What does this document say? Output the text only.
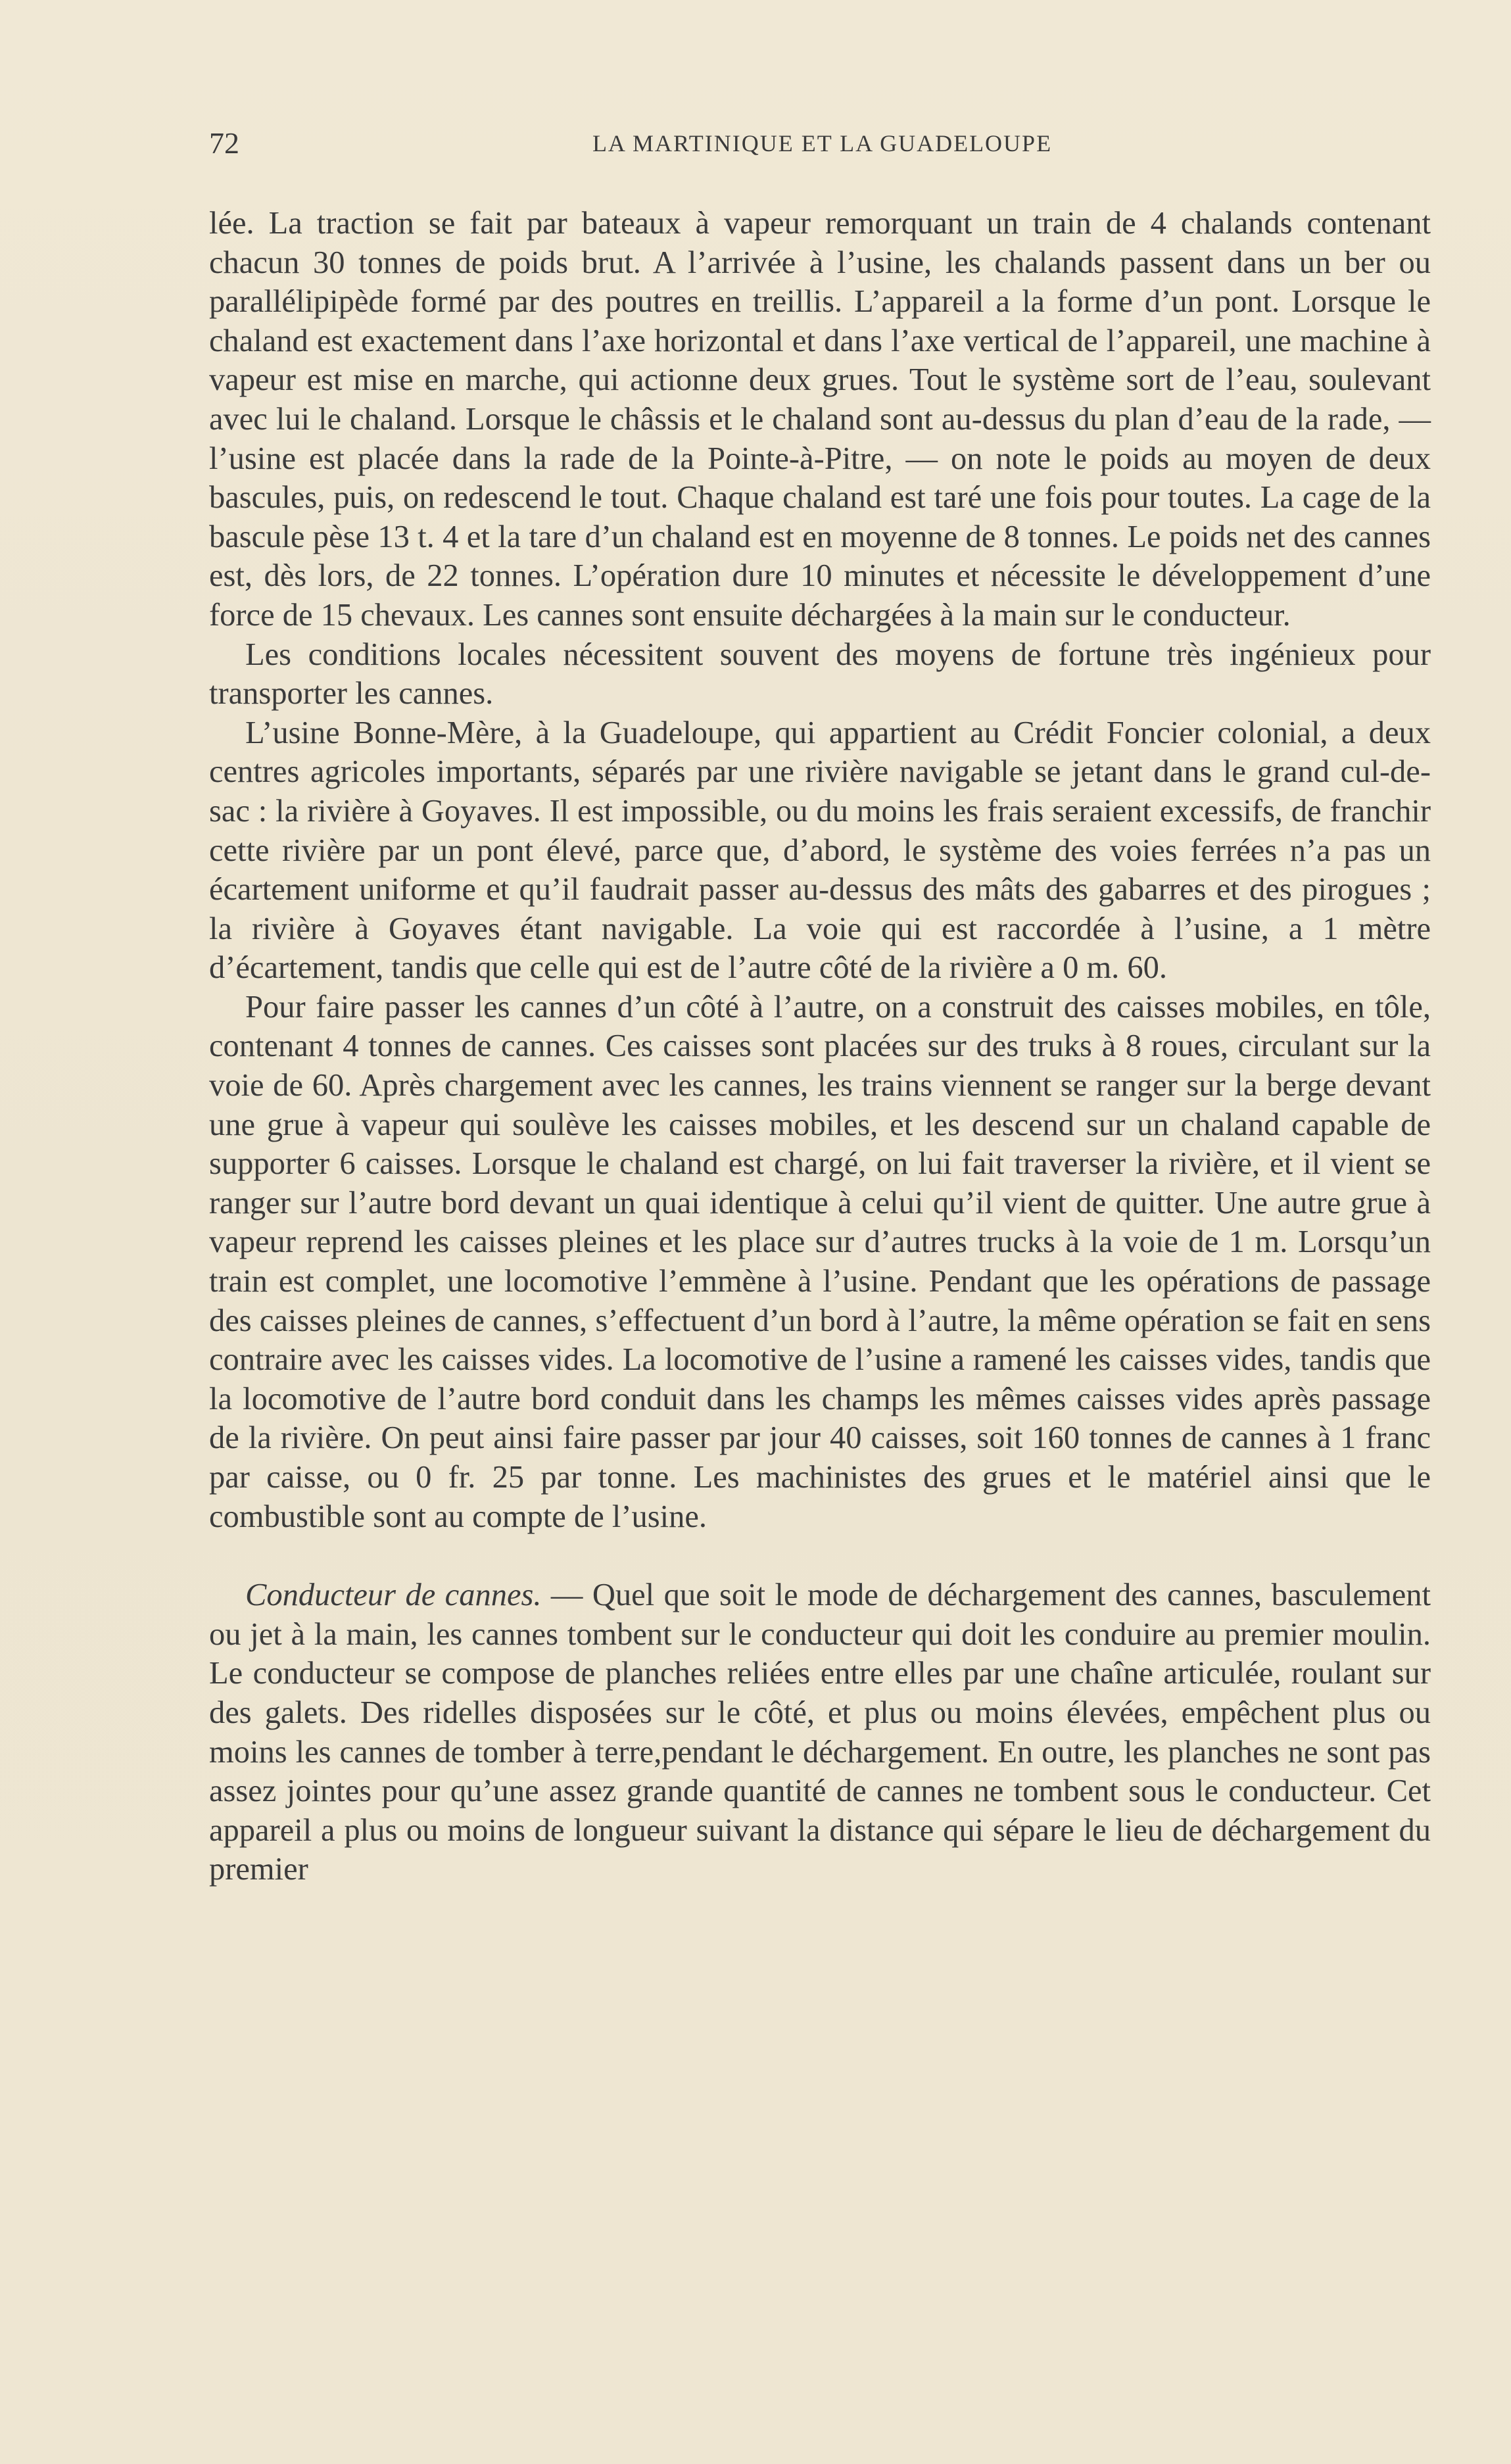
72	LA MARTINIQUE ET LA GUADELOUPE

lée. La traction se fait par bateaux à vapeur remorquant un train de 4 chalands contenant chacun 30 tonnes de poids brut. A l’arrivée à l’usine, les chalands passent dans un ber ou parallélipipède formé par des poutres en treillis. L’appareil a la forme d’un pont. Lorsque le chaland est exactement dans l’axe horizontal et dans l’axe vertical de l’appareil, une machine à vapeur est mise en marche, qui actionne deux grues. Tout le système sort de l’eau, soulevant avec lui le chaland. Lorsque le châssis et le chaland sont au-dessus du plan d’eau de la rade, — l’usine est placée dans la rade de la Pointe-à-Pitre, — on note le poids au moyen de deux bascules, puis, on redescend le tout. Chaque chaland est taré une fois pour toutes. La cage de la bascule pèse 13 t. 4 et la tare d’un chaland est en moyenne de 8 tonnes. Le poids net des cannes est, dès lors, de 22 tonnes. L’opération dure 10 minutes et nécessite le développement d’une force de 15 chevaux. Les cannes sont ensuite déchargées à la main sur le conducteur.

Les conditions locales nécessitent souvent des moyens de fortune très ingénieux pour transporter les cannes.

L’usine Bonne-Mère, à la Guadeloupe, qui appartient au Crédit Foncier colonial, a deux centres agricoles importants, séparés par une rivière navigable se jetant dans le grand cul-de-sac : la rivière à Goyaves. Il est impossible, ou du moins les frais seraient excessifs, de franchir cette rivière par un pont élevé, parce que, d’abord, le système des voies ferrées n’a pas un écartement uniforme et qu’il faudrait passer au-dessus des mâts des gabarres et des pirogues ; la rivière à Goyaves étant navigable. La voie qui est raccordée à l’usine, a 1 mètre d’écartement, tandis que celle qui est de l’autre côté de la rivière a 0 m. 60.

Pour faire passer les cannes d’un côté à l’autre, on a construit des caisses mobiles, en tôle, contenant 4 tonnes de cannes. Ces caisses sont placées sur des truks à 8 roues, circulant sur la voie de 60. Après chargement avec les cannes, les trains viennent se ranger sur la berge devant une grue à vapeur qui soulève les caisses mobiles, et les descend sur un chaland capable de supporter 6 caisses. Lorsque le chaland est chargé, on lui fait traverser la rivière, et il vient se ranger sur l’autre bord devant un quai identique à celui qu’il vient de quitter. Une autre grue à vapeur reprend les caisses pleines et les place sur d’autres trucks à la voie de 1 m. Lorsqu’un train est complet, une locomotive l’emmène à l’usine. Pendant que les opérations de passage des caisses pleines de cannes, s’effectuent d’un bord à l’autre, la même opération se fait en sens contraire avec les caisses vides. La locomotive de l’usine a ramené les caisses vides, tandis que la locomotive de l’autre bord conduit dans les champs les mêmes caisses vides après passage de la rivière. On peut ainsi faire passer par jour 40 caisses, soit 160 tonnes de cannes à 1 franc par caisse, ou 0 fr. 25 par tonne. Les machinistes des grues et le matériel ainsi que le combustible sont au compte de l’usine.

Conducteur de cannes. — Quel que soit le mode de déchargement des cannes, basculement ou jet à la main, les cannes tombent sur le conducteur qui doit les conduire au premier moulin. Le conducteur se compose de planches reliées entre elles par une chaîne articulée, roulant sur des galets. Des ridelles disposées sur le côté, et plus ou moins élevées, empêchent plus ou moins les cannes de tomber à terre,pendant le déchargement. En outre, les planches ne sont pas assez jointes pour qu’une assez grande quantité de cannes ne tombent sous le conducteur. Cet appareil a plus ou moins de longueur suivant la distance qui sépare le lieu de déchargement du premier
